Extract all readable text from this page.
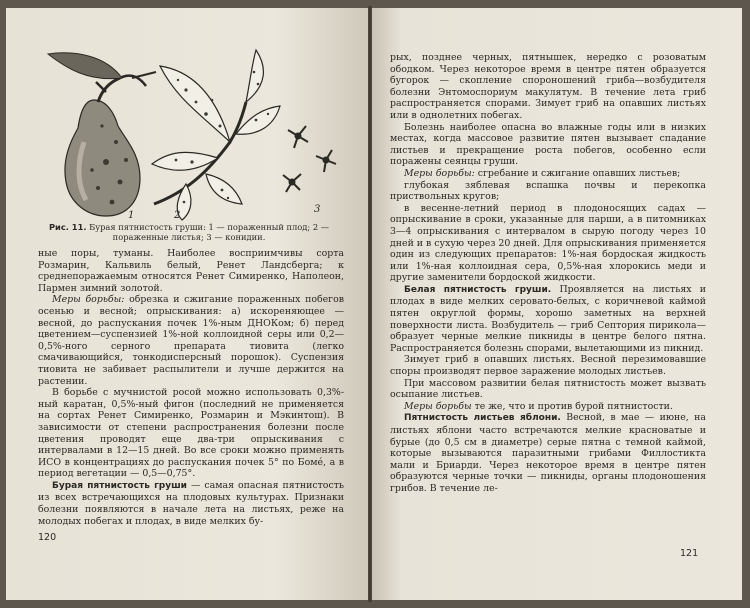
1	2
3
Рис. 11. Бурая пятнистость груши: 1 — пораженный плод; 2 — пораженные листья; 3 — конидии.

ные поры, туманы. Наиболее восприимчивы сорта Розмарин, Кальвиль белый, Ренет Ландсберга; к среднепоражаемым относятся Ренет Симиренко, Наполеон, Пармен зимний золотой.

Меры борьбы: обрезка и сжигание пораженных побегов осенью и весной; опрыскивания: а) искореняющее — весной, до распускания почек 1%-ным ДНОКом; б) перед цветением—суспензией 1%-ной коллоидной серы или 0,2—0,5%-ного серного препарата тиовита (легко смачивающийся, тонкодисперсный порошок). Суспензия тиовита не забивает распылители и лучше держится на растении.

В борьбе с мучнистой росой можно использовать 0,3%-ный каратан, 0,5%-ный фигон (последний не применяется на сортах Ренет Симиренко, Розмарин и Мэкинтош). В зависимости от степени распространения болезни после цветения проводят еще два-три опрыскивания с интервалами в 12—15 дней. Во все сроки можно применять ИСО в концентрациях до распускания почек 5° по Бомé, а в период вегетации — 0,5—0,75°.

Бурая пятнистость груши — самая опасная пятнистость из всех встречающихся на плодовых культурах. Признаки болезни появляются в начале лета на листьях, реже на молодых побегах и плодах, в виде мелких бу-

120

рых, позднее черных, пятнышек, нередко с розоватым ободком. Через некоторое время в центре пятен образуется бугорок — скопление спороношений гриба—возбудителя болезни Энтомоспориум макулятум. В течение лета гриб распространяется спорами. Зимует гриб на опавших листьях или в однолетних побегах.

Болезнь наиболее опасна во влажные годы или в низких местах, когда массовое развитие пятен вызывает спадание листьев и прекращение роста побегов, особенно если поражены сеянцы груши.

Меры борьбы: сгребание и сжигание опавших листьев;

глубокая зяблевая вспашка почвы и перекопка приствольных кругов;

в весенне-летний период в плодоносящих садах — опрыскивание в сроки, указанные для парши, а в питомниках 3—4 опрыскивания с интервалом в сырую погоду через 10 дней и в сухую через 20 дней. Для опрыскивания применяется один из следующих препаратов: 1%-ная бордоская жидкость или 1%-ная коллоидная сера, 0,5%-ная хлорокись меди и другие заменители бордоской жидкости.

Белая пятнистость груши. Проявляется на листьях и плодах в виде мелких серовато-белых, с коричневой каймой пятен округлой формы, хорошо заметных на верхней поверхности листа. Возбудитель — гриб Септория пирикола—образует черные мелкие пикниды в центре белого пятна. Распространяется болезнь спорами, вылетающими из пикнид.

Зимует гриб в опавших листьях. Весной перезимовавшие споры производят первое заражение молодых листьев.

При массовом развитии белая пятнистость может вызвать осыпание листьев.

Меры борьбы те же, что и против бурой пятнистости.

Пятнистость листьев яблони. Весной, в мае — июне, на листьях яблони часто встречаются мелкие красноватые и бурые (до 0,5 см в диаметре) серые пятна с темной каймой, которые вызываются паразитными грибами Филлостикта мали и Бриарди. Через некоторое время в центре пятен образуются черные точки — пикниды, органы плодоношения грибов. В течение ле-

121
